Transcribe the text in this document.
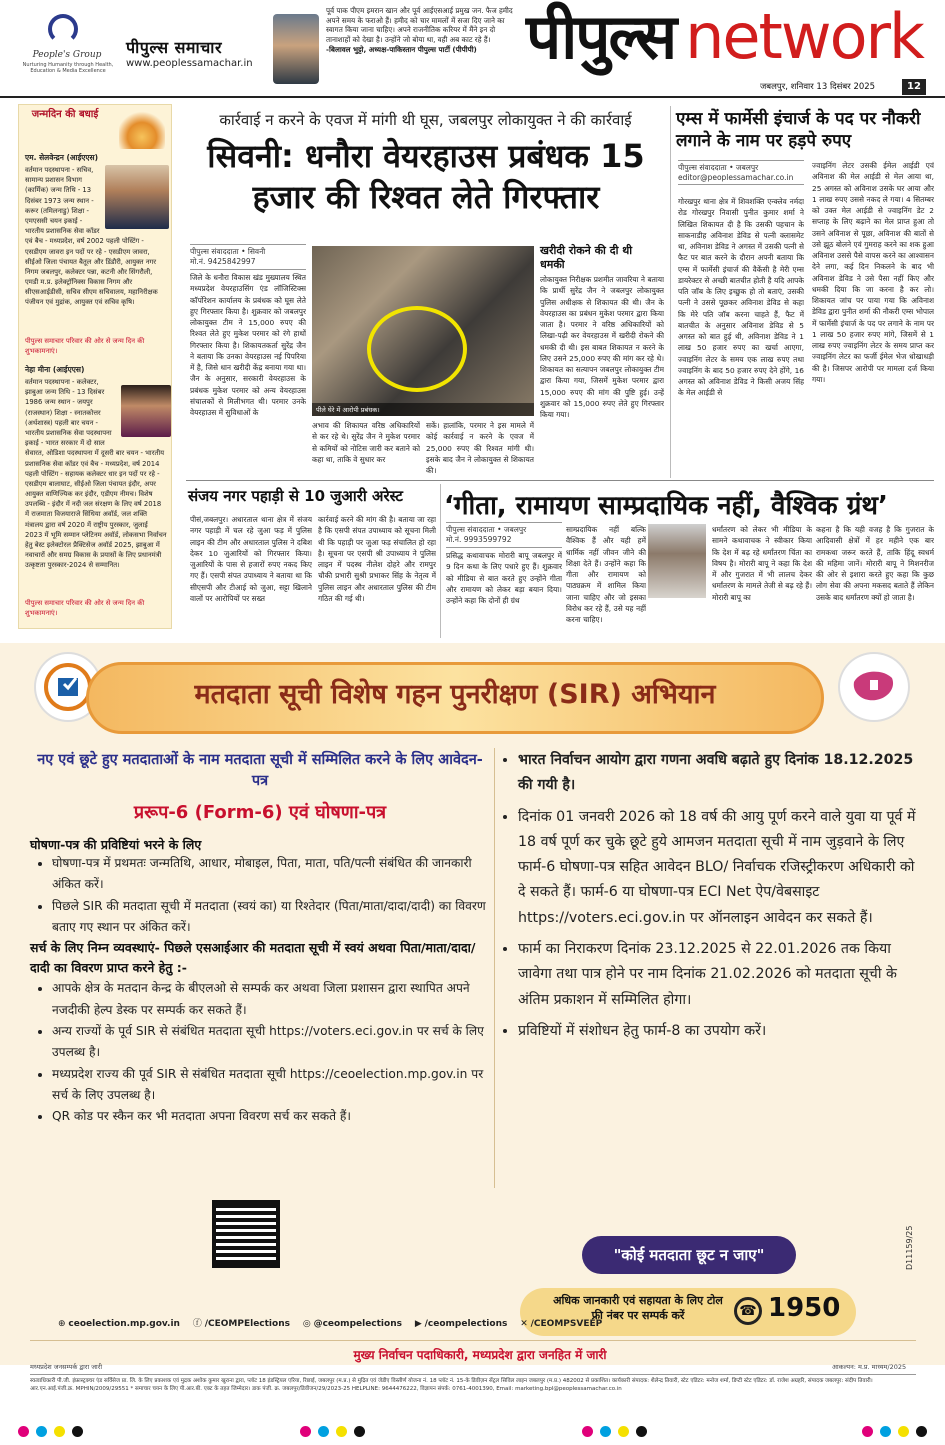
People's Group
Nurturing Humanity through Health, Education & Media Excellence
पीपुल्स समाचार
www.peoplessamachar.in
पूर्व पाक पीएम इमरान खान और पूर्व आईएसआई प्रमुख जन. फैज हमीद अपने समय के फराओ हैं। हमीद को चार मामलों में सजा दिए जाने का स्वागत किया जाना चाहिए। अपने राजनीतिक करियर में मैंने इन दो तानाशाहों को देखा है। उन्होंने जो बोया था, वही अब काट रहे हैं।
-बिलावल भुट्टो, अध्यक्ष-पाकिस्तान पीपुल्स पार्टी (पीपीपी) पीपुल्स network
जबलपुर, शनिवार 13 दिसंबर 2025	12
जन्मदिन की बधाई
एम. सेलवेन्द्रन (आईएएस)
वर्तमान पदस्थापना - सचिव, सामान्य प्रशासन विभाग (कार्मिक) जन्म तिथि - 13 दिसंबर 1973 जन्म स्थान - करूर (तमिलनाडु) शिक्षा - एमएससी चयन इकाई - भारतीय प्रशासनिक सेवा कॉडर एवं बैच - मध्यप्रदेश, वर्ष 2002 पहली पोस्टिंग - एसडीएम जावरा इन पदों पर रहे - एसडीएम जावरा, सीईओ जिला पंचायत बैतूल और डिंडौरी, आयुक्त नगर निगम जबलपुर, कलेक्टर पन्ना, कटनी और सिंगरौली, एमडी म.प्र. इलेक्ट्रॉनिक्स विकास निगम और सीएसआईडीसी, सचिव सीएम सचिवालय, महानिरीक्षक पंजीयन एवं मुद्रांक, आयुक्त एवं सचिव कृषि।
पीपुल्स समाचार परिवार की ओर से जन्म दिन की शुभकामनाएं।
नेहा मीना (आईएएस)
वर्तमान पदस्थापना - कलेक्टर, झाबुआ जन्म तिथि - 13 दिसंबर 1986 जन्म स्थान - जयपुर (राजस्थान) शिक्षा - स्नातकोत्तर (अर्थशास्त्र) पहली बार चयन - भारतीय प्रशासनिक सेवा पदस्थापना इकाई - भारत सरकार में दो साल सेवारत, ओडिशा पदस्थापना में दूसरी बार चयन - भारतीय प्रशासनिक सेवा कॉडर एवं बैच - मध्यप्रदेश, वर्ष 2014 पहली पोस्टिंग - सहायक कलेक्टर धार इन पदों पर रहे - एसडीएम बालाघाट, सीईओ जिला पंचायत इंदौर, अपर आयुक्त वाणिज्यिक कर इंदौर, एडीएम नीमच। विशेष उपलब्धि - इंदौर में नदी जल संरक्षण के लिए वर्ष 2018 में राजमाता विजयाराजे सिंधिया अवॉर्ड, जल शक्ति मंत्रालय द्वारा वर्ष 2020 में राष्ट्रीय पुरस्कार, जुलाई 2023 में भूमि सम्मान प्लेटिनम अवॉर्ड, लोकसभा निर्वाचन हेतु बेस्ट इलेक्टोरल प्रैक्टिसेज अवॉर्ड 2025, झाबुआ में नवाचारों और समग्र विकास के प्रयासों के लिए प्रधानमंत्री उत्कृष्टता पुरस्कार-2024 से सम्मानित।
पीपुल्स समाचार परिवार की ओर से जन्म दिन की शुभकामनाएं।
कार्रवाई न करने के एवज में मांगी थी घूस, जबलपुर लोकायुक्त ने की कार्रवाई
सिवनी: धनौरा वेयरहाउस प्रबंधक 15 हजार की रिश्वत लेते गिरफ्तार
पीपुल्स संवाददाता • सिवनी
मो.नं. 9425842997
जिले के धनौरा विकास खंड मुख्यालय स्थित मध्यप्रदेश वेयरहाउसिंग एंड लॉजिस्टिक्स कॉर्पोरेशन कार्यालय के प्रबंधक को घूस लेते हुए गिरफ्तार किया है। शुक्रवार को जबलपुर लोकायुक्त टीम ने 15,000 रुपए की रिश्वत लेते हुए मुकेश परमार को रंगे हाथों गिरफ्तार किया है। शिकायतकर्ता सुरेंद्र जैन ने बताया कि उनका वेयरहाउस नई पिपरिया में है, जिसे धान खरीदी केंद्र बनाया गया था। जैन के अनुसार, सरकारी वेयरहाउस के प्रबंधक मुकेश परमार को अन्य वेयरहाउस संचालकों से मिलीभगत थी। परमार उनके वेयरहाउस में सुविधाओं के	पीले घेरे में आरोपी प्रबंधक।
अभाव की शिकायत वरिष्ठ अधिकारियों से कर रहे थे। सुरेंद्र जैन ने मुकेश परमार से कमियों को नोटिस जारी कर बताने को कहा था, ताकि वे सुधार कर
सकें। हालांकि, परमार ने इस मामले में कोई कार्रवाई न करने के एवज में 25,000 रुपए की रिश्वत मांगी थी। इसके बाद जैन ने लोकायुक्त से शिकायत की।
खरीदी रोकने की दी थी धमकी
लोकायुक्त निरीक्षक प्रशमीत जावरिया ने बताया कि प्रार्थी सुरेंद्र जैन ने जबलपुर लोकायुक्त पुलिस अधीक्षक से शिकायत की थी। जैन के वेयरहाउस का प्रबंधन मुकेश परमार द्वारा किया जाता है। परमार ने वरिष्ठ अधिकारियों को लिखा-पढ़ी कर वेयरहाउस में खरीदी रोकने की धमकी दी थी। इस बाबत शिकायत न करने के लिए उसने 25,000 रुपए की मांग कर रहे थे। शिकायत का सत्यापन जबलपुर लोकायुक्त टीम द्वारा किया गया, जिसमें मुकेश परमार द्वारा 15,000 रुपए की मांग की पुष्टि हुई। उन्हें शुक्रवार को 15,000 रुपए लेते हुए गिरफ्तार किया गया।
एम्स में फार्मेसी इंचार्ज के पद पर नौकरी लगाने के नाम पर हड़पे रुपए
पीपुल्स संवाददाता • जबलपुर
editor@peoplessamachar.co.in
गोरखपुर थाना क्षेत्र में शिवशक्ति एन्क्लेव नर्मदा रोड गोरखपुर निवासी पुनीत कुमार शर्मा ने लिखित शिकायत दी है कि उसकी पहचान के साकनाडीह अविनाश डेविड से पत्नी क्लासमेट था, अविनाश डेविड ने अगस्त में उसकी पत्नी से फैट पर बात करने के दौरान अपनी बताया कि एम्स में फार्मेसी इंचार्ज की वैकेंसी है मेरी एम्स डायरेक्टर से अच्छी बातचीत होती है यदि आपके पति जॉब के लिए इच्छुक हो तो बताएं, उसकी पत्नी ने उससे पूछकर अविनाश डेविड से कहा कि मेरे पति जॉब करना चाहते हैं, फैट में बातचीत के अनुसार अविनाश डेविड से 5 अगस्त को बात हुई थी, अविनाश डेविड ने 1 लाख 50 हजार रुपए का खर्चा आएगा, ज्वाइनिंग लेटर के समय एक लाख रुपए तथा ज्वाइनिंग के बाद 50 हजार रुपए देने होंगे, 16 अगस्त को अविनाश डेविड ने किसी अजय सिंह के मेल आईडी से
ज्वाइनिंग लेटर उसकी ईमेल आईडी एवं अविनाश की मेल आईडी से मेल आया था, 25 अगस्त को अविनाश उसके घर आया और 1 लाख रुपए उससे नकद ले गया। 4 सितम्बर को उक्त मेल आईडी से ज्वाइनिंग डेट 2 सप्ताह के लिए बढ़ाने का मेल प्राप्त हुआ तो उसने अविनाश से पूछा, अविनाश की बातों से उसे झूठ बोलने एवं गुमराह करने का शक हुआ अविनाश उससे पैसे वापस करने का आश्वासन देने लगा, कई दिन निकलने के बाद भी अविनाश डेविड ने उसे पैसा नहीं किए और धमकी दिया कि जा करना है कर लो। शिकायत जांच पर पाया गया कि अविनाश डेविड द्वारा पुनीत शर्मा की नौकरी एम्स भोपाल में फार्मेसी इंचार्ज के पद पर लगाने के नाम पर 1 लाख 50 हजार रुपए मांगे, जिसमें से 1 लाख रुपए ज्वाइनिंग लेटर के समय प्राप्त कर ज्वाइनिंग लेटर का फर्जी ईमेल भेज धोखाधड़ी की है। जिसपर आरोपी पर मामला दर्ज किया गया।
संजय नगर पहाड़ी से 10 जुआरी अरेस्ट
पीसं,जबलपुर। अधारताल थाना क्षेत्र में संजय नगर पहाड़ी में चल रहे जुआ फड़ में पुलिस लाइन की टीम और अधारताल पुलिस ने दबिश देकर 10 जुआरियों को गिरफ्तार किया। जुआरियों के पास से हजारों रुपए नकद किए गए हैं। एसपी संपत उपाध्याय ने बताया था कि सीएसपी और टीआई को जुआ, सट्टा खिलाने वालों पर आरोपियों पर सख्त
कार्रवाई करने की मांग की है। बताया जा रहा है कि एसपी संपत उपाध्याय को सूचना मिली थी कि पहाड़ी पर जुआ फड़ संचालित हो रहा है। सूचना पर एसपी श्री उपाध्याय ने पुलिस लाइन में पदस्थ नीलेश दोहरे और रामपुर चौकी प्रभारी सुश्री प्रभाकर सिंह के नेतृत्व में पुलिस लाइन और अधारताल पुलिस की टीम गठित की गई थी।
‘गीता, रामायण साम्प्रदायिक नहीं, वैश्विक ग्रंथ’
पीपुल्स संवाददाता • जबलपुर
मो.नं. 9993599792
प्रसिद्ध कथावाचक मोरारी बापू जबलपुर में 9 दिन कथा के लिए पधारे हुए हैं। शुक्रवार को मीडिया से बात करते हुए उन्होंने गीता और रामायण को लेकर बड़ा बयान दिया। उन्होंने कहा कि दोनों ही ग्रंथ
साम्प्रदायिक नहीं बल्कि वैश्विक हैं और यही हमें धार्मिक नहीं जीवन जीने की शिक्षा देते हैं। उन्होंने कहा कि गीता और रामायण को पाठ्यक्रम में शामिल किया जाना चाहिए और जो इसका विरोध कर रहे हैं, उसे यह नहीं करना चाहिए।
धर्मांतरण को लेकर भी मीडिया के सामने कथावाचक ने स्वीकार किया कि देश में बढ़ रहे धर्मांतरण चिंता का विषय है। मोरारी बापू ने कहा कि देश में और गुजरात में भी लालच देकर धर्मांतरण के मामले तेजी से बढ़ रहे हैं। मोरारी बापू का
कहना है कि यही वजह है कि गुजरात के आदिवासी क्षेत्रों में हर महीने एक बार रामकथा जरूर करते हैं, ताकि हिंदू स्वधर्म की महिमा जानें। मोरारी बापू ने मिशनरीज की ओर से इशारा करते हुए कहा कि कुछ लोग सेवा की अपना मकसद बताते हैं लेकिन उसके बाद धर्मांतरण क्यों हो जाता है।
मतदाता सूची विशेष गहन पुनरीक्षण (SIR) अभियान
नए एवं छूटे हुए मतदाताओं के नाम मतदाता सूची में सम्मिलित करने के लिए आवेदन-पत्र
प्ररूप-6 (Form-6) एवं घोषणा-पत्र
घोषणा-पत्र की प्रविष्टियां भरने के लिए
• घोषणा-पत्र में प्रथमतः जन्मतिथि, आधार, मोबाइल, पिता, माता, पति/पत्नी संबंधित की जानकारी अंकित करें।
• पिछले SIR की मतदाता सूची में मतदाता (स्वयं का) या रिश्तेदार (पिता/माता/दादा/दादी) का विवरण बताए गए स्थान पर अंकित करें।
सर्च के लिए निम्न व्यवस्थाएं- पिछले एसआईआर की मतदाता सूची में स्वयं अथवा पिता/माता/दादा/दादी का विवरण प्राप्त करने हेतु :-
• आपके क्षेत्र के मतदान केन्द्र के बीएलओ से सम्पर्क कर अथवा जिला प्रशासन द्वारा स्थापित अपने नजदीकी हेल्प डेस्क पर सम्पर्क कर सकते हैं।
• अन्य राज्यों के पूर्व SIR से संबंधित मतदाता सूची https://voters.eci.gov.in पर सर्च के लिए उपलब्ध है।
• मध्यप्रदेश राज्य की पूर्व SIR से संबंधित मतदाता सूची https://ceoelection.mp.gov.in पर सर्च के लिए उपलब्ध है।
• QR कोड पर स्कैन कर भी मतदाता अपना विवरण सर्च कर सकते हैं।
• भारत निर्वाचन आयोग द्वारा गणना अवधि बढ़ाते हुए दिनांक 18.12.2025 की गयी है।
• दिनांक 01 जनवरी 2026 को 18 वर्ष की आयु पूर्ण करने वाले युवा या पूर्व में 18 वर्ष पूर्ण कर चुके छूटे हुये आमजन मतदाता सूची में नाम जुड़वाने के लिए फार्म-6 घोषणा-पत्र सहित आवेदन BLO/ निर्वाचक रजिस्ट्रीकरण अधिकारी को दे सकते हैं। फार्म-6 या घोषणा-पत्र ECI Net ऐप/वेबसाइट https://voters.eci.gov.in पर ऑनलाइन आवेदन कर सकते हैं।
• फार्म का निराकरण दिनांक 23.12.2025 से 22.01.2026 तक किया जावेगा तथा पात्र होने पर नाम दिनांक 21.02.2026 को मतदाता सूची के अंतिम प्रकाशन में सम्मिलित होगा।
• प्रविष्टियों में संशोधन हेतु फार्म-8 का उपयोग करें।
"कोई मतदाता छूट न जाए"
अधिक जानकारी एवं सहायता के लिए टोल फ्री नंबर पर सम्पर्क करें	☎ 1950
⊕ ceoelection.mp.gov.in ⓕ /CEOMPElections ◎ @ceompelections ▶ /ceompelections ✕ /CEOMPSVEEP
D11159/25
मुख्य निर्वाचन पदाधिकारी, मध्यप्रदेश द्वारा जनहित में जारी
मध्यप्रदेश जनसम्पर्क द्वारा जारी	आकल्पन: म.प्र. माध्यम/2025
स्वत्वाधिकारी पी.जी. इंफ्रास्ट्रक्चर एंड सर्विसेज प्रा. लि. के लिए प्रकाशक एवं मुद्रक अशोक कुमार खुराना द्वारा, प्लॉट 18 इंडस्ट्रियल एरिया, रिछाई, जबलपुर (म.प्र.) से मुद्रित एवं जेडीए विस्तीर्ण योजना नं. 18 प्लॉट नं. 15-के डिवीज़न सेंट्रल सिविल लाइन जबलपुर (म.प्र.) 482002 से प्रकाशित। कार्यकारी संपादक: शैलेन्द्र तिवारी, स्टेट एडिटर: मनोज शर्मा, डिप्टी स्टेट एडिटर: डॉ. राजेश अग्रहरि, संपादक जबलपुर: संदीप तिवारी। आर.एन.आई.पंजी.क्र. MPHIN/2009/29551 * समाचार चयन के लिए पी.आर.बी. एक्ट के तहत जिम्मेदार। डाक पंजी. क्र. जबलपुर/डिवीजन/29/2023-25 HELPLINE: 9644476222, विज्ञापन संपर्क: 0761-4001390, Email: marketing.bpl@peoplessamachar.co.in
